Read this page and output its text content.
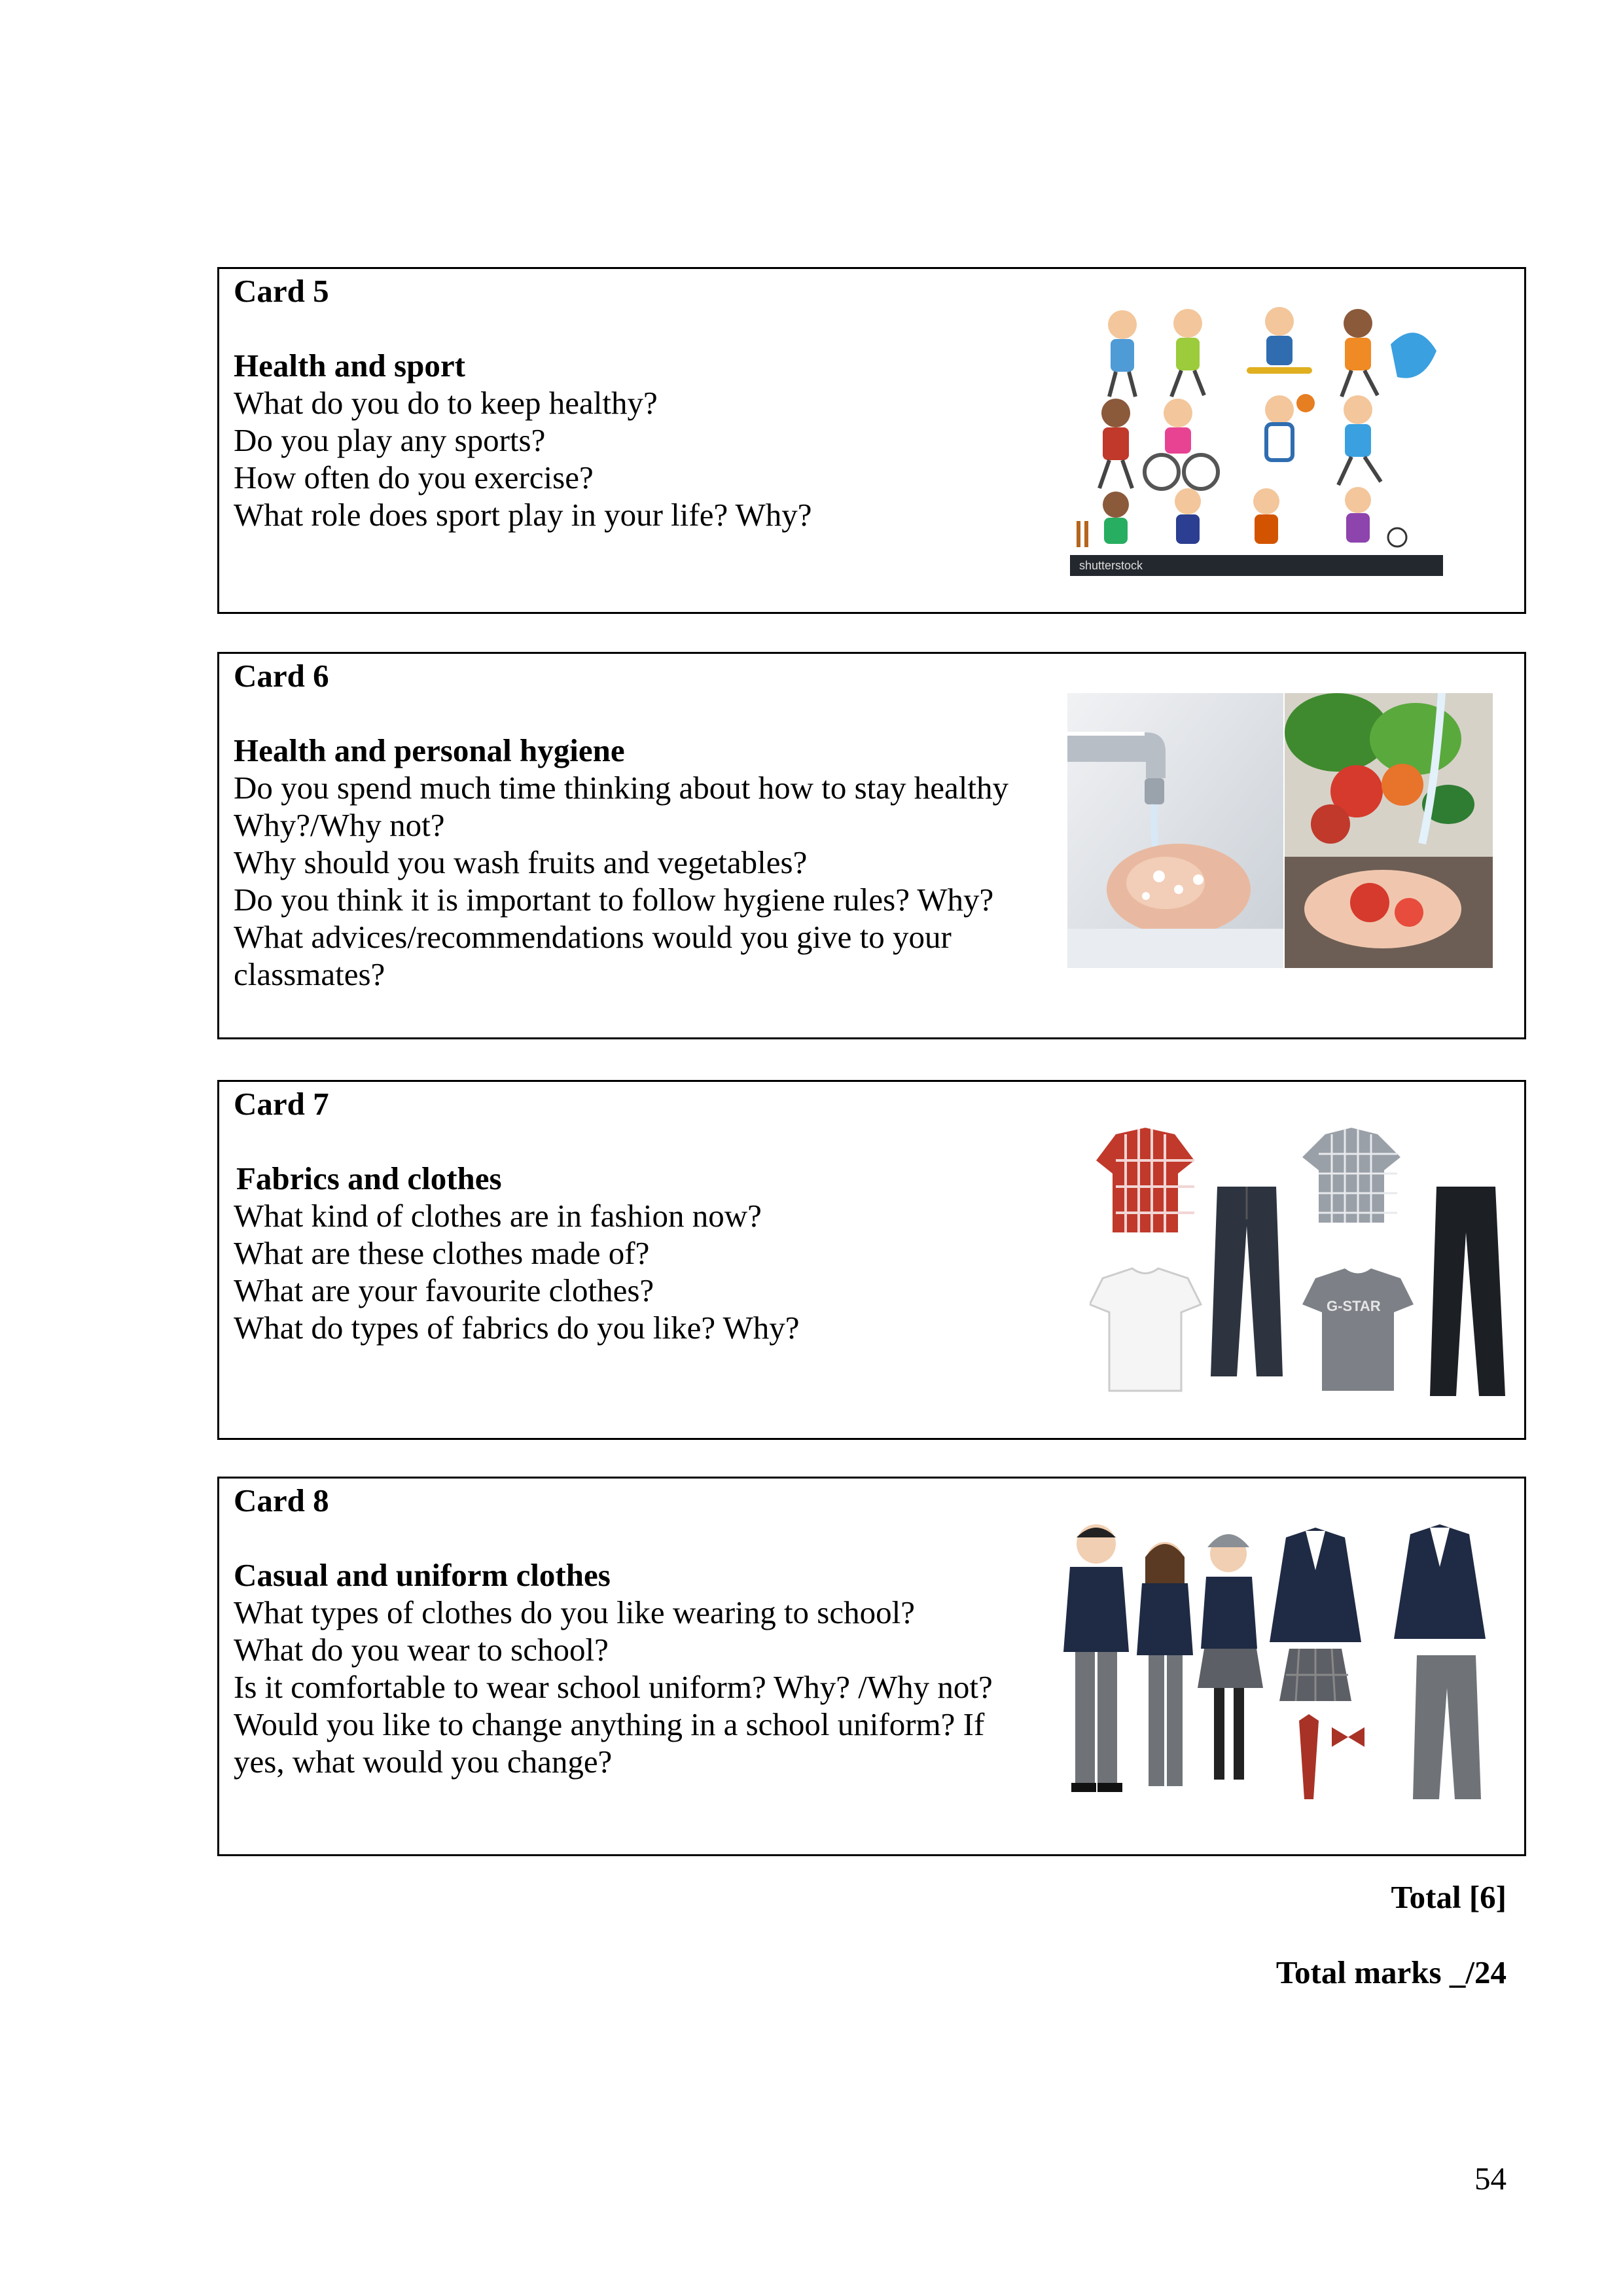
Card 5
Health and sport
What do you do to keep healthy?
Do you play any sports?
How often do you exercise?
What role does sport play in your life? Why?
shutterstock
Card 6
Health and personal hygiene
Do you spend much time thinking about how to stay healthy
Why?/Why not?
Why should you wash fruits and vegetables?
Do you think it is important to follow hygiene rules? Why?
What advices/recommendations would you give to your
classmates?
Card 7
Fabrics and clothes
What kind of clothes are in fashion now?
What are these clothes made of?
What are your favourite clothes?
What do types of fabrics do you like? Why?
G-STAR
Card 8
Casual and uniform clothes
What types of clothes do you like wearing to school?
What do you wear to school?
Is it comfortable to wear school uniform? Why? /Why not?
Would you like to change anything in a school uniform? If
yes, what would you change?
Total [6]
Total marks _/24
54
